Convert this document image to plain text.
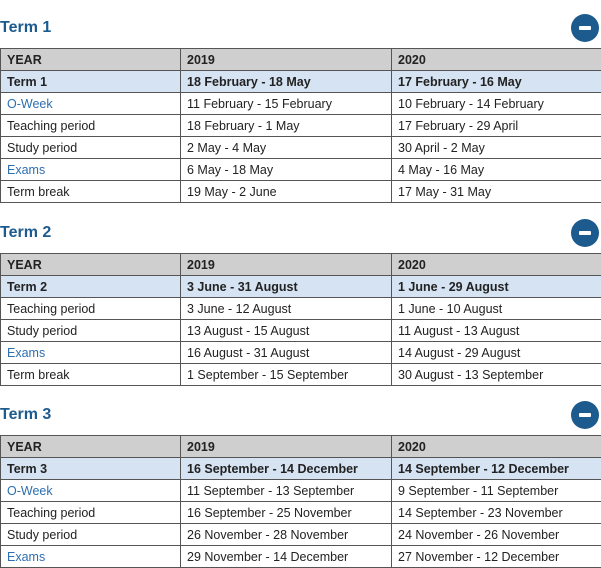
Term 1
YEAR	2019	2020
Term 1	18 February - 18 May	17 February - 16 May
O-Week	11 February - 15 February	10 February - 14 February
Teaching period	18 February - 1 May	17 February - 29 April
Study period	2 May - 4 May	30 April - 2 May
Exams	6 May - 18 May	4 May - 16 May
Term break	19 May - 2 June	17 May - 31 May
Term 2
YEAR	2019	2020
Term 2	3 June - 31 August	1 June - 29 August
Teaching period	3 June - 12 August	1 June - 10 August
Study period	13 August - 15 August	11 August - 13 August
Exams	16 August - 31 August	14 August - 29 August
Term break	1 September - 15 September	30 August - 13 September
Term 3
YEAR	2019	2020
Term 3	16 September - 14 December	14 September - 12 December
O-Week	11 September - 13 September	9 September - 11 September
Teaching period	16 September - 25 November	14 September - 23 November
Study period	26 November - 28 November	24 November - 26 November
Exams	29 November - 14 December	27 November - 12 December
